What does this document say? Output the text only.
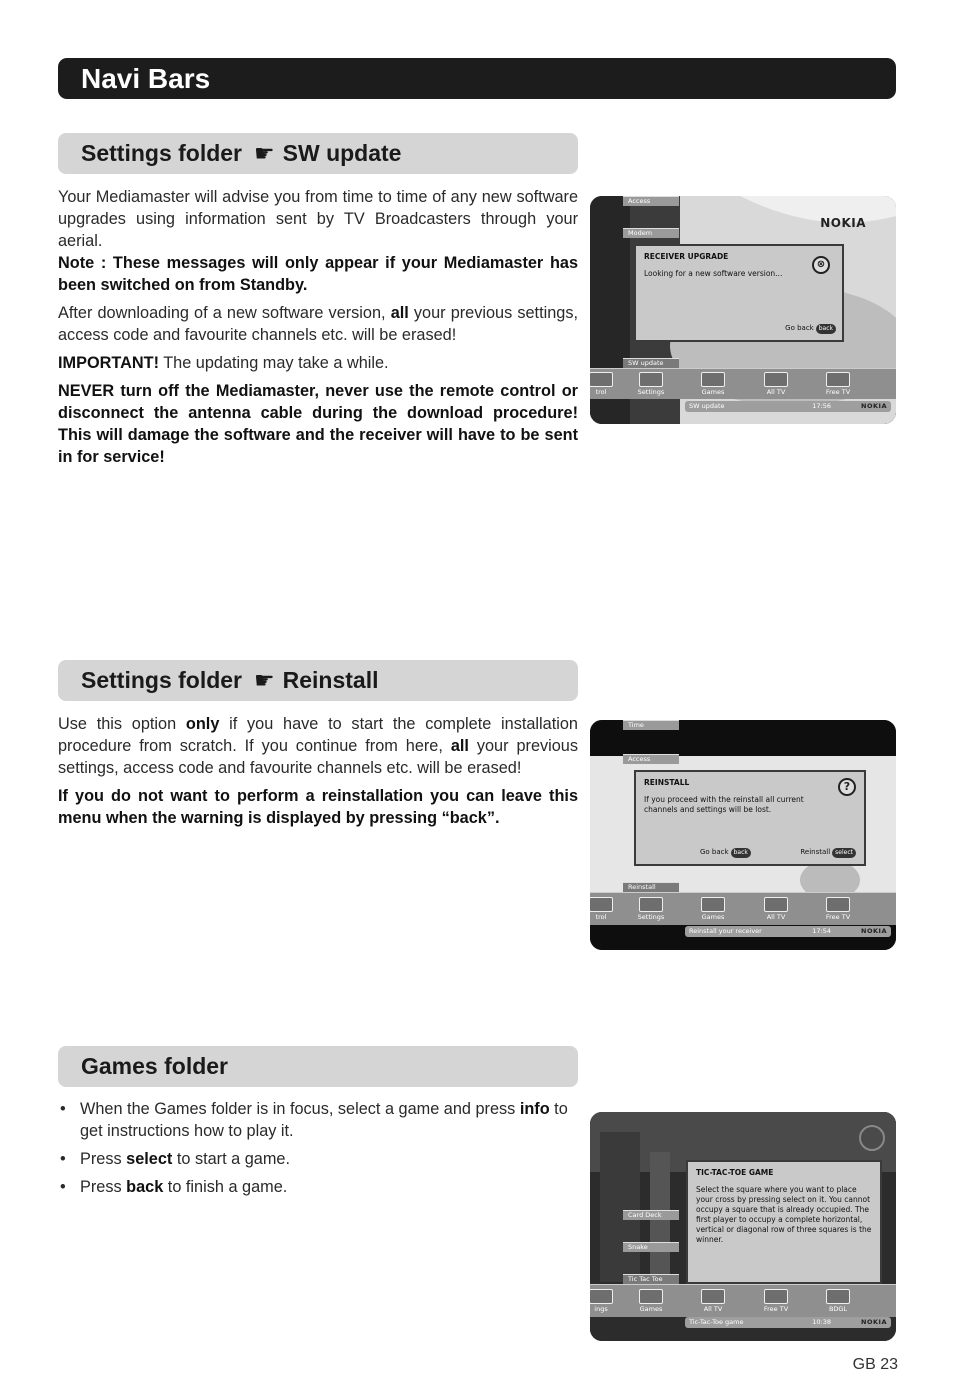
Navi Bars
Settings folder ☛ SW update

Your Mediamaster will advise you from time to time of any new software upgrades using information sent by TV Broadcasters through your aerial.

Note : These messages will only appear if your Mediamaster has been switched on from Standby.

After downloading of a new software version, all your previous settings, access code and favourite channels etc. will be erased!

IMPORTANT! The updating may take a while.

NEVER turn off the Mediamaster, never use the remote control or disconnect the antenna cable during the download procedure! This will damage the software and the receiver will have to be sent in for service!

NOKIA
Access
Modem
RECEIVER UPGRADE
Looking for a new software version...
Go back back
⊗
SW update
trol	Settings	Games	All TV	Free TV
SW update	17:56	NOKIA
Settings folder ☛ Reinstall

Use this option only if you have to start the complete installation procedure from scratch. If you continue from here, all your previous settings, access code and favourite channels etc. will be erased!

If you do not want to perform a reinstallation you can leave this menu when the warning is displayed by pressing “back”.

Time
Access
REINSTALL
If you proceed with the reinstall all current channels and settings will be lost.
Go back back	Reinstall select
?
Reinstall
trol	Settings	Games	All TV	Free TV
Reinstall your receiver	17:54	NOKIA
Games folder
• When the Games folder is in focus, select a game and press info to get instructions how to play it.
• Press select to start a game.
• Press back to finish a game.
TIC-TAC-TOE GAME
Select the square where you want to place your cross by pressing select on it. You cannot occupy a square that is already occupied. The first player to occupy a complete horizontal, vertical or diagonal row of three squares is the winner.
Card Deck
Snake
Tic Tac Toe
ings	Games	All TV	Free TV	BDGL
Tic-Tac-Toe game	10:38	NOKIA
GB 23
